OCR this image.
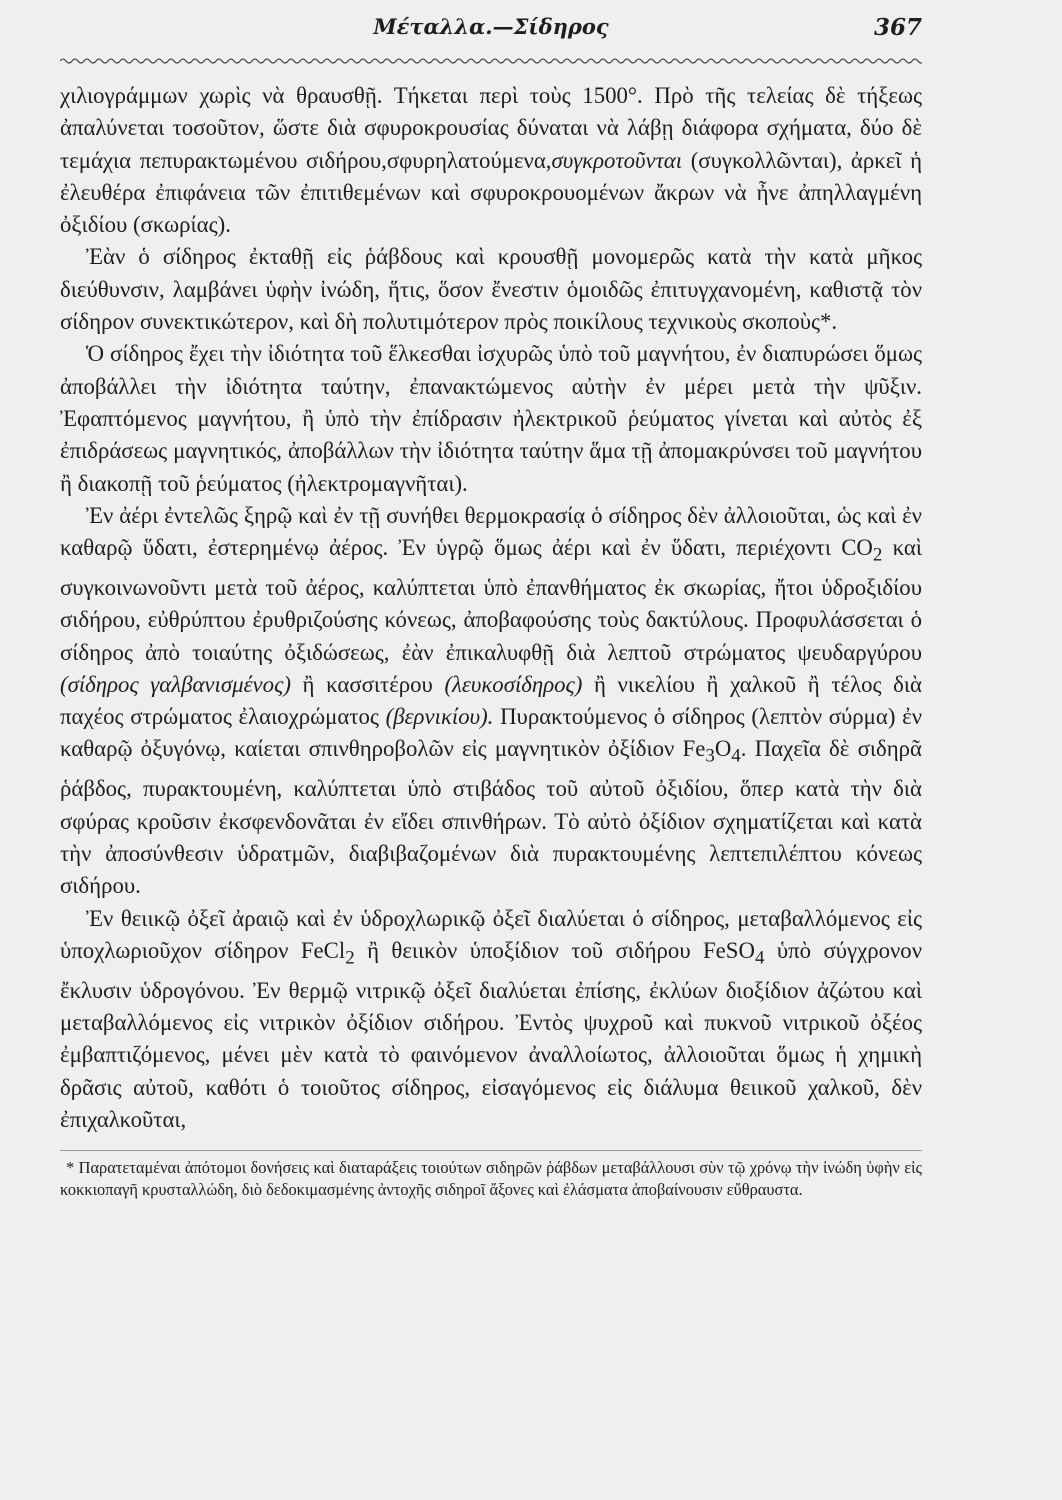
Μέταλλα.—Σίδηρος	367

χιλιογράμμων χωρὶς νὰ θραυσθῇ. Τήκεται περὶ τοὺς 1500°. Πρὸ τῆς τελείας δὲ τήξεως ἀπαλύνεται τοσοῦτον, ὥστε διὰ σφυροκρουσίας δύναται νὰ λάβῃ διάφορα σχήματα, δύο δὲ τεμάχια πεπυρακτωμένου σιδήρου,σφυρηλατούμενα,συγκροτοῦνται (συγκολλῶνται), ἀρκεῖ ἡ ἐλευθέρα ἐπιφάνεια τῶν ἐπιτιθεμένων καὶ σφυροκρουομένων ἄκρων νὰ ἦνε ἀπηλλαγμένη ὀξιδίου (σκωρίας).

Ἐὰν ὁ σίδηρος ἐκταθῇ εἰς ῥάβδους καὶ κρουσθῇ μονομερῶς κατὰ τὴν κατὰ μῆκος διεύθυνσιν, λαμβάνει ὑφὴν ἰνώδη, ἥτις, ὅσον ἔνεστιν ὁμοιδῶς ἐπιτυγχανομένη, καθιστᾷ τὸν σίδηρον συνεκτικώτερον, καὶ δὴ πολυτιμότερον πρὸς ποικίλους τεχνικοὺς σκοποὺς*.

Ὁ σίδηρος ἔχει τὴν ἰδιότητα τοῦ ἕλκεσθαι ἰσχυρῶς ὑπὸ τοῦ μαγνήτου, ἐν διαπυρώσει ὅμως ἀποβάλλει τὴν ἰδιότητα ταύτην, ἐπανακτώμενος αὐτὴν ἐν μέρει μετὰ τὴν ψῦξιν. Ἐφαπτόμενος μαγνήτου, ἢ ὑπὸ τὴν ἐπίδρασιν ἠλεκτρικοῦ ῥεύματος γίνεται καὶ αὐτὸς ἐξ ἐπιδράσεως μαγνητικός, ἀποβάλλων τὴν ἰδιότητα ταύτην ἅμα τῇ ἀπομακρύνσει τοῦ μαγνήτου ἢ διακοπῇ τοῦ ῥεύματος (ἠλεκτρομαγνῆται).

Ἐν ἀέρι ἐντελῶς ξηρῷ καὶ ἐν τῇ συνήθει θερμοκρασίᾳ ὁ σίδηρος δὲν ἀλλοιοῦται, ὡς καὶ ἐν καθαρῷ ὕδατι, ἐστερημένῳ ἀέρος. Ἐν ὑγρῷ ὅμως ἀέρι καὶ ἐν ὕδατι, περιέχοντι $CO_2$ καὶ συγκοινωνοῦντι μετὰ τοῦ ἀέρος, καλύπτεται ὑπὸ ἐπανθήματος ἐκ σκωρίας, ἤτοι ὑδροξιδίου σιδήρου, εὐθρύπτου ἐρυθριζούσης κόνεως, ἀποβαφούσης τοὺς δακτύλους. Προφυλάσσεται ὁ σίδηρος ἀπὸ τοιαύτης ὀξιδώσεως, ἐὰν ἐπικαλυφθῇ διὰ λεπτοῦ στρώματος ψευδαργύρου (σίδηρος γαλβανισμένος) ἢ κασσιτέρου (λευκοσίδηρος) ἢ νικελίου ἢ χαλκοῦ ἢ τέλος διὰ παχέος στρώματος ἐλαιοχρώματος (βερνικίου). Πυρακτούμενος ὁ σίδηρος (λεπτὸν σύρμα) ἐν καθαρῷ ὀξυγόνῳ, καίεται σπινθηροβολῶν εἰς μαγνητικὸν ὀξίδιον $Fe_3O_4$. Παχεῖα δὲ σιδηρᾶ ῥάβδος, πυρακτουμένη, καλύπτεται ὑπὸ στιβάδος τοῦ αὐτοῦ ὀξιδίου, ὅπερ κατὰ τὴν διὰ σφύρας κροῦσιν ἐκσφενδονᾶται ἐν εἴδει σπινθήρων. Τὸ αὐτὸ ὀξίδιον σχηματίζεται καὶ κατὰ τὴν ἀποσύνθεσιν ὑδρατμῶν, διαβιβαζομένων διὰ πυρακτουμένης λεπτεπιλέπτου κόνεως σιδήρου.

Ἐν θειικῷ ὀξεῖ ἀραιῷ καὶ ἐν ὑδροχλωρικῷ ὀξεῖ διαλύεται ὁ σίδηρος, μεταβαλλόμενος εἰς ὑποχλωριοῦχον σίδηρον FeCl$_2$ ἢ θειικὸν ὑποξίδιον τοῦ σιδήρου FeSO$_4$ ὑπὸ σύγχρονον ἔκλυσιν ὑδρογόνου. Ἐν θερμῷ νιτρικῷ ὀξεῖ διαλύεται ἐπίσης, ἐκλύων διοξίδιον ἀζώτου καὶ μεταβαλλόμενος εἰς νιτρικὸν ὀξίδιον σιδήρου. Ἐντὸς ψυχροῦ καὶ πυκνοῦ νιτρικοῦ ὀξέος ἐμβαπτιζόμενος, μένει μὲν κατὰ τὸ φαινόμενον ἀναλλοίωτος, ἀλλοιοῦται ὅμως ἡ χημικὴ δρᾶσις αὐτοῦ, καθότι ὁ τοιοῦτος σίδηρος, εἰσαγόμενος εἰς διάλυμα θειικοῦ χαλκοῦ, δὲν ἐπιχαλκοῦται,

* Παρατεταμέναι ἀπότομοι δονήσεις καὶ διαταράξεις τοιούτων σιδηρῶν ῥάβδων μεταβάλλουσι σὺν τῷ χρόνῳ τὴν ἰνώδη ὑφὴν εἰς κοκκιοπαγῆ κρυσταλλώδη, διὸ δεδοκιμασμένης ἀντοχῆς σιδηροῖ ἄξονες καὶ ἐλάσματα ἀποβαίνουσιν εὔθραυστα.
